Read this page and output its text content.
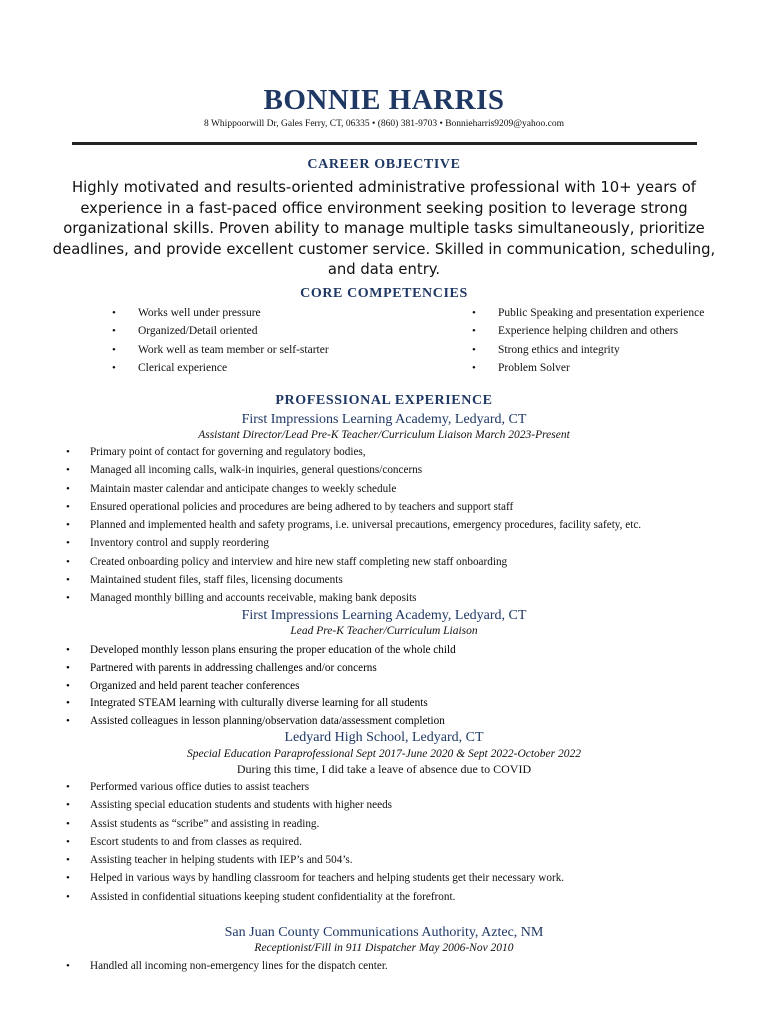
BONNIE HARRIS
8 Whippoorwill Dr, Gales Ferry, CT, 06335 • (860) 381-9703 • Bonnieharris9209@yahoo.com
CAREER OBJECTIVE
Highly motivated and results-oriented administrative professional with 10+ years of experience in a fast-paced office environment seeking position to leverage strong organizational skills. Proven ability to manage multiple tasks simultaneously, prioritize deadlines, and provide excellent customer service. Skilled in communication, scheduling, and data entry.
CORE COMPETENCIES
• Works well under pressure
• Organized/Detail oriented
• Work well as team member or self-starter
• Clerical experience
• Public Speaking and presentation experience
• Experience helping children and others
• Strong ethics and integrity
• Problem Solver
PROFESSIONAL EXPERIENCE
First Impressions Learning Academy, Ledyard, CT
Assistant Director/Lead Pre-K Teacher/Curriculum Liaison March 2023-Present
• Primary point of contact for governing and regulatory bodies,
• Managed all incoming calls, walk-in inquiries, general questions/concerns
• Maintain master calendar and anticipate changes to weekly schedule
• Ensured operational policies and procedures are being adhered to by teachers and support staff
• Planned and implemented health and safety programs, i.e. universal precautions, emergency procedures, facility safety, etc.
• Inventory control and supply reordering
• Created onboarding policy and interview and hire new staff completing new staff onboarding
• Maintained student files, staff files, licensing documents
• Managed monthly billing and accounts receivable, making bank deposits
First Impressions Learning Academy, Ledyard, CT
Lead Pre-K Teacher/Curriculum Liaison
• Developed monthly lesson plans ensuring the proper education of the whole child
• Partnered with parents in addressing challenges and/or concerns
• Organized and held parent teacher conferences
• Integrated STEAM learning with culturally diverse learning for all students
• Assisted colleagues in lesson planning/observation data/assessment completion
Ledyard High School, Ledyard, CT
Special Education Paraprofessional Sept 2017-June 2020 & Sept 2022-October 2022
During this time, I did take a leave of absence due to COVID
• Performed various office duties to assist teachers
• Assisting special education students and students with higher needs
• Assist students as “scribe” and assisting in reading.
• Escort students to and from classes as required.
• Assisting teacher in helping students with IEP’s and 504’s.
• Helped in various ways by handling classroom for teachers and helping students get their necessary work.
• Assisted in confidential situations keeping student confidentiality at the forefront.
San Juan County Communications Authority, Aztec, NM
Receptionist/Fill in 911 Dispatcher May 2006-Nov 2010
• Handled all incoming non-emergency lines for the dispatch center.
